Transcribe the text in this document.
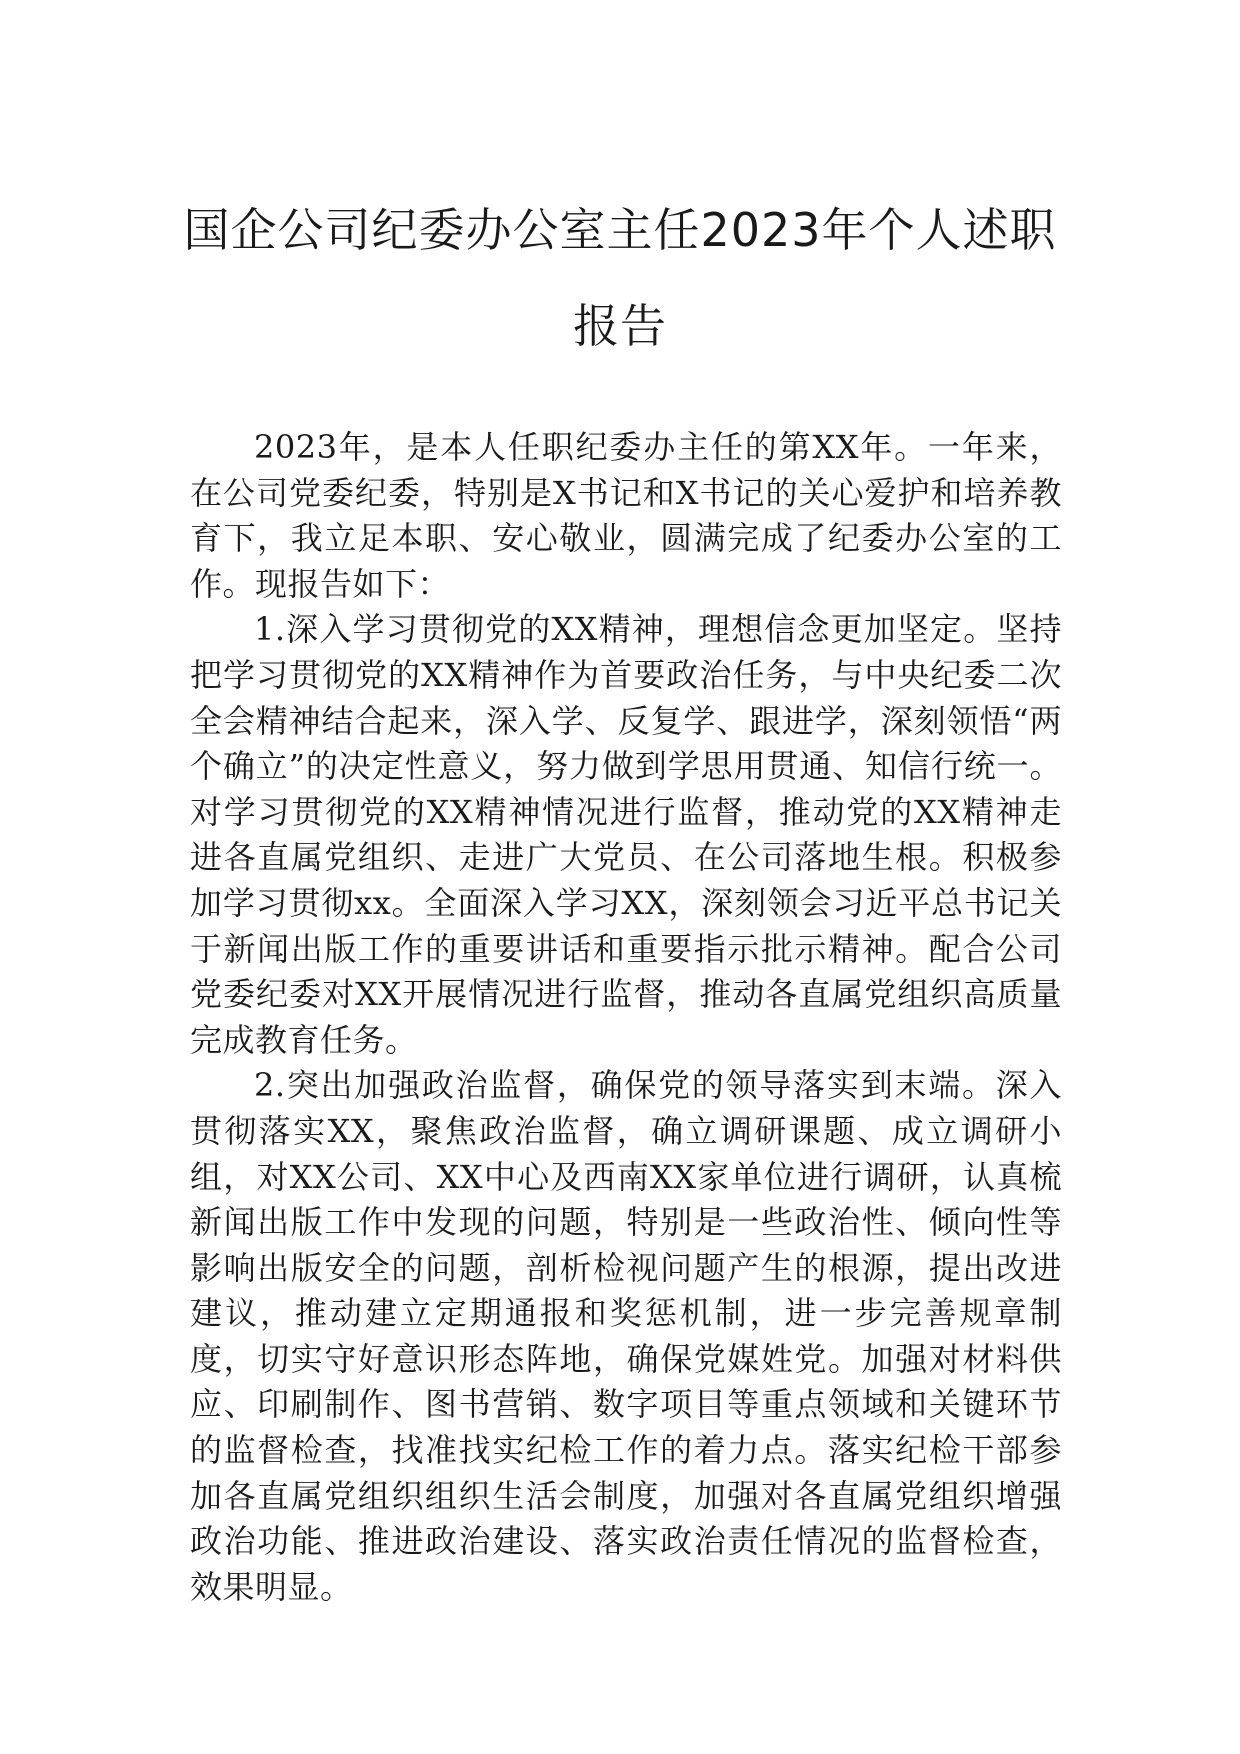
国企公司纪委办公室主任2023年个人述职
报告

2023年，是本人任职纪委办主任的第XX年。一年来，在公司党委纪委，特别是X书记和X书记的关心爱护和培养教育下，我立足本职、安心敬业，圆满完成了纪委办公室的工作。现报告如下：

1.深入学习贯彻党的XX精神，理想信念更加坚定。坚持把学习贯彻党的XX精神作为首要政治任务，与中央纪委二次全会精神结合起来，深入学、反复学、跟进学，深刻领悟“两个确立”的决定性意义，努力做到学思用贯通、知信行统一。对学习贯彻党的XX精神情况进行监督，推动党的XX精神走进各直属党组织、走进广大党员、在公司落地生根。积极参加学习贯彻xx。全面深入学习XX，深刻领会习近平总书记关于新闻出版工作的重要讲话和重要指示批示精神。配合公司党委纪委对XX开展情况进行监督，推动各直属党组织高质量完成教育任务。

2.突出加强政治监督，确保党的领导落实到末端。深入贯彻落实XX，聚焦政治监督，确立调研课题、成立调研小组，对XX公司、XX中心及西南XX家单位进行调研，认真梳新闻出版工作中发现的问题，特别是一些政治性、倾向性等影响出版安全的问题，剖析检视问题产生的根源，提出改进建议，推动建立定期通报和奖惩机制，进一步完善规章制度，切实守好意识形态阵地，确保党媒姓党。加强对材料供应、印刷制作、图书营销、数字项目等重点领域和关键环节的监督检查，找准找实纪检工作的着力点。落实纪检干部参加各直属党组织组织生活会制度，加强对各直属党组织增强政治功能、推进政治建设、落实政治责任情况的监督检查，效果明显。
